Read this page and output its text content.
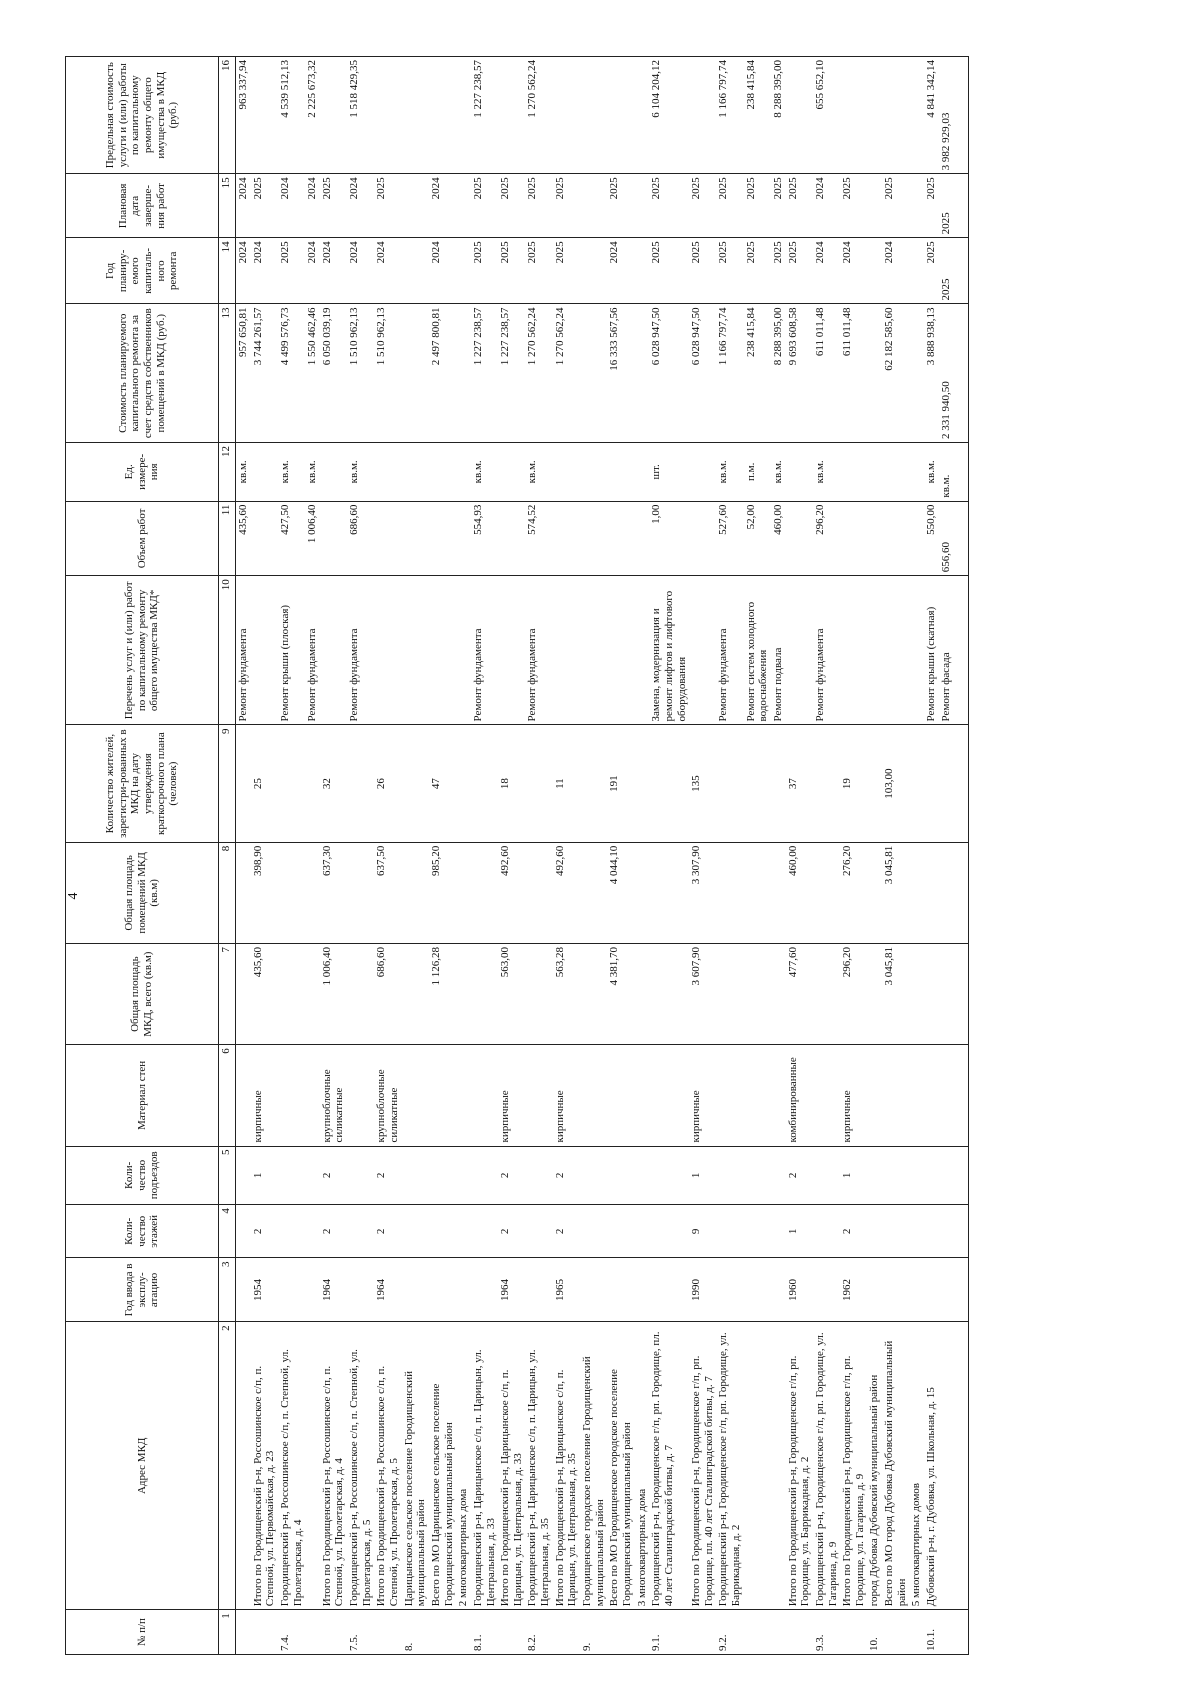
4
№ п/п	Адрес МКД	Год ввода в эксплу-атацию	Коли-чество этажей	Коли-чество подъездов	Материал стен	Общая площадь МКД, всего (кв.м)	Общая площадь помещений МКД (кв.м)	Количество жителей, зарегистри-рованных в МКД на дату утверждения краткосрочного плана (человек)	Перечень услуг и (или) работ по капитальному ремонту общего имущества МКД*	Объем работ	Ед. измере-ния	Стоимость планируемого капитального ремонта за счет средств собственников помещений в МКД (руб.)	Год планиру-емого капиталь-ного ремонта	Плановая дата заверше-ния работ	Предельная стоимость услуги и (или) работы по капитальному ремонту общего имущества в МКД (руб.)
1	2	3	4	5	6	7	8	9	10	11	12	13	14	15	16
									Ремонт фундамента	435,60	кв.м.	957 650,81	2024	2024	963 337,94
	Итого по Городищенский р-н, Россошинское с/п, п. Степной, ул. Первомайская, д. 23	1954	2	1	кирпичные	435,60	398,90	25				3 744 261,57	2024	2025	
7.4.	Городищенский р-н, Россошинское с/п, п. Степной, ул. Пролетарская, д. 4								Ремонт крыши (плоская)	427,50	кв.м.	4 499 576,73	2025	2024	4 539 512,13
									Ремонт фундамента	1 006,40	кв.м.	1 550 462,46	2024	2024	2 225 673,32
	Итого по Городищенский р-н, Россошинское с/п, п. Степной, ул. Пролетарская, д. 4	1964	2	2	крупноблочные силикатные	1 006,40	637,30	32				6 050 039,19	2024	2025	
7.5.	Городищенский р-н, Россошинское с/п, п. Степной, ул. Пролетарская, д. 5								Ремонт фундамента	686,60	кв.м.	1 510 962,13	2024	2024	1 518 429,35
	Итого по Городищенский р-н, Россошинское с/п, п. Степной, ул. Пролетарская, д. 5	1964	2	2	крупноблочные силикатные	686,60	637,50	26				1 510 962,13	2024	2025	
8.	Царицынское сельское поселение Городищенский муниципальный район														
	Всего по МО Царицынское сельское поселение Городищенский муниципальный район					1 126,28	985,20	47				2 497 800,81	2024	2024	
	2 многоквартирных дома														
8.1.	Городищенский р-н, Царицынское с/п, п. Царицын, ул. Центральная, д. 33								Ремонт фундамента	554,93	кв.м.	1 227 238,57	2025	2025	1 227 238,57
	Итого по Городищенский р-н, Царицынское с/п, п. Царицын, ул. Центральная, д. 33	1964	2	2	кирпичные	563,00	492,60	18				1 227 238,57	2025	2025	
8.2.	Городищенский р-н, Царицынское с/п, п. Царицын, ул. Центральная, д. 35								Ремонт фундамента	574,52	кв.м.	1 270 562,24	2025	2025	1 270 562,24
	Итого по Городищенский р-н, Царицынское с/п, п. Царицын, ул. Центральная, д. 35	1965	2	2	кирпичные	563,28	492,60	11				1 270 562,24	2025	2025	
9.	Городищенское городское поселение Городищенский муниципальный район														
	Всего по МО Городищенское городское поселение Городищенский муниципальный район					4 381,70	4 044,10	191				16 333 567,56	2024	2025	
	3 многоквартирных дома														
9.1.	Городищенский р-н, Городищенское г/п, рп. Городище, пл. 40 лет Сталинградской битвы, д. 7								Замена, модернизация и ремонт лифтов и лифтового оборудования	1,00	шт.	6 028 947,50	2025	2025	6 104 204,12
	Итого по Городищенский р-н, Городищенское г/п, рп. Городище, пл. 40 лет Сталинградской битвы, д. 7	1990	9	1	кирпичные	3 607,90	3 307,90	135				6 028 947,50	2025	2025	
9.2.	Городищенский р-н, Городищенское г/п, рп. Городище, ул. Баррикадная, д. 2								Ремонт фундамента	527,60	кв.м.	1 166 797,74	2025	2025	1 166 797,74
									Ремонт систем холодного водоснабжения	52,00	п.м.	238 415,84	2025	2025	238 415,84
									Ремонт подвала	460,00	кв.м.	8 288 395,00	2025	2025	8 288 395,00
	Итого по Городищенский р-н, Городищенское г/п, рп. Городище, ул. Баррикадная, д. 2	1960	1	2	комбинированные	477,60	460,00	37				9 693 608,58	2025	2025	
9.3.	Городищенский р-н, Городищенское г/п, рп. Городище, ул. Гагарина, д. 9								Ремонт фундамента	296,20	кв.м.	611 011,48	2024	2024	655 652,10
	Итого по Городищенский р-н, Городищенское г/п, рп. Городище, ул. Гагарина, д. 9	1962	2	1	кирпичные	296,20	276,20	19				611 011,48	2024	2025	
10.	город Дубовка Дубовский муниципальный район														
	Всего по МО город Дубовка Дубовский муниципальный район					3 045,81	3 045,81	103,00				62 182 585,60	2024	2025	
	5 многоквартирных домов														
10.1.	Дубовский р-н, г. Дубовка, ул. Школьная, д. 15								Ремонт крыши (скатная)	550,00	кв.м.	3 888 938,13	2025	2025	4 841 342,14
									Ремонт фасада	656,60	кв.м.	2 331 940,50	2025	2025	3 982 929,03
